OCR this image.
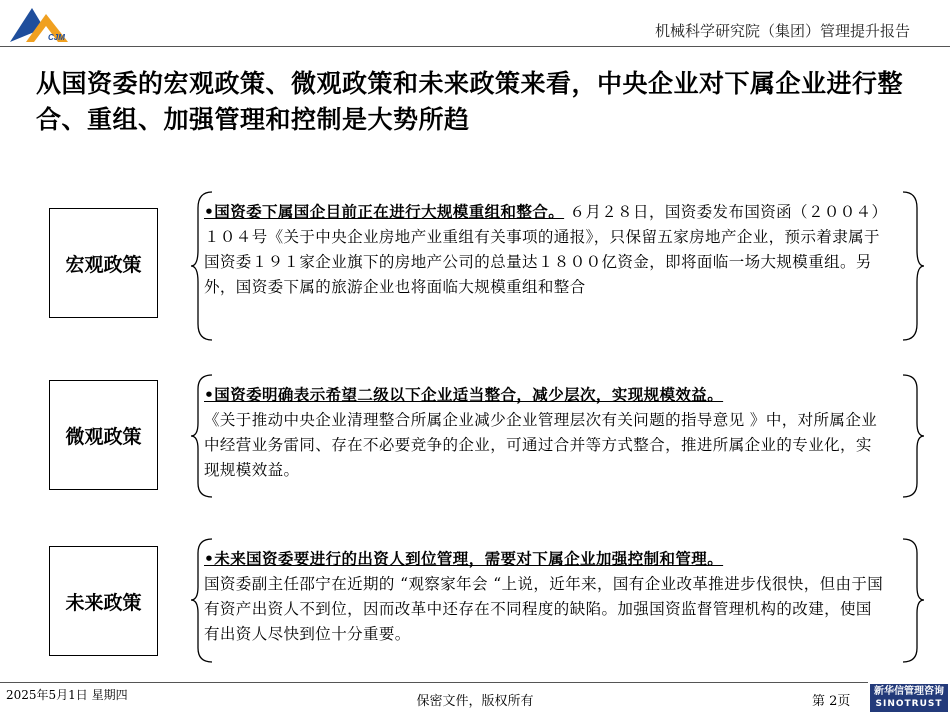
CJM	机械科学研究院（集团）管理提升报告
从国资委的宏观政策、微观政策和未来政策来看，中央企业对下属企业进行整合、重组、加强管理和控制是大势所趋
宏观政策
•国资委下属国企目前正在进行大规模重组和整合。 ６月２８日，国资委发布国资函（２００４）１０４号《关于中央企业房地产业重组有关事项的通报》，只保留五家房地产企业，预示着隶属于国资委１９１家企业旗下的房地产公司的总量达１８００亿资金，即将面临一场大规模重组。另外，国资委下属的旅游企业也将面临大规模重组和整合
微观政策
•国资委明确表示希望二级以下企业适当整合，减少层次，实现规模效益。
《关于推动中央企业清理整合所属企业减少企业管理层次有关问题的指导意见 》中，对所属企业中经营业务雷同、存在不必要竞争的企业，可通过合并等方式整合，推进所属企业的专业化，实现规模效益。
未来政策
•未来国资委要进行的出资人到位管理，需要对下属企业加强控制和管理。
国资委副主任邵宁在近期的 “观察家年会 “上说，近年来，国有企业改革推进步伐很快，但由于国有资产出资人不到位，因而改革中还存在不同程度的缺陷。加强国资监督管理机构的改建，使国有出资人尽快到位十分重要。
2025年5月1日 星期四	保密文件，版权所有	第 2页
新华信管理咨询
SINOTRUST
